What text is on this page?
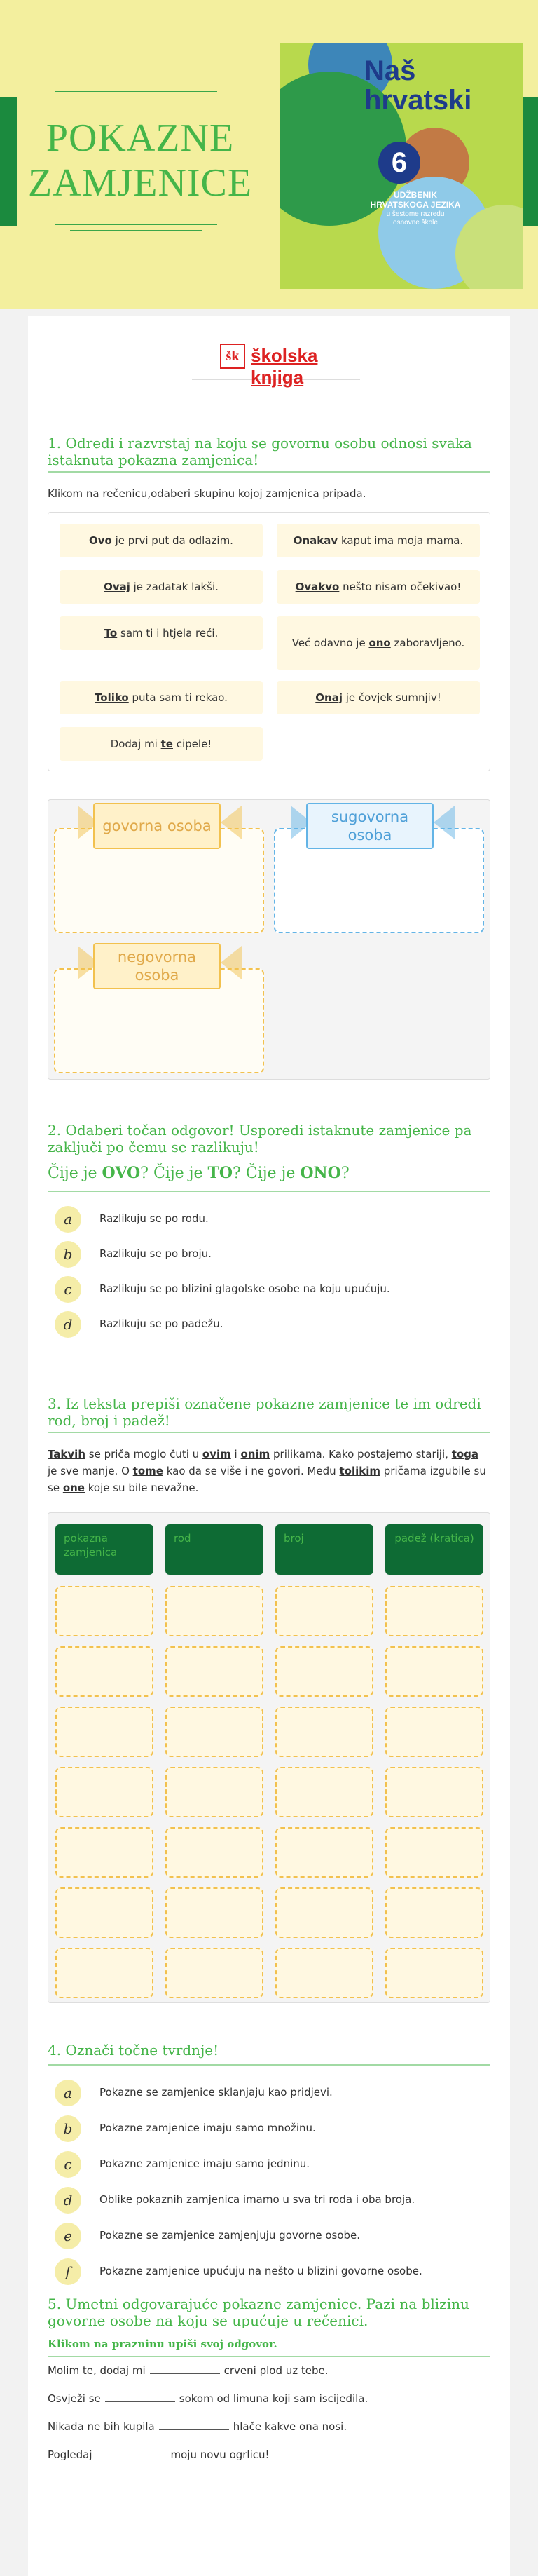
POKAZNE
ZAMJENICE
Naš
hrvatski
6
UDŽBENIK
HRVATSKOGA JEZIKA
u šestome razredu
osnovne škole
šk školska knjiga
1. Odredi i razvrstaj na koju se govornu osobu odnosi svaka istaknuta pokazna zamjenica!
Klikom na rečenicu,odaberi skupinu kojoj zamjenica pripada.
Ovo je prvi put da odlazim.	Onakav kaput ima moja mama.
Ovaj je zadatak lakši.	Ovakvo nešto nisam očekivao!
To sam ti i htjela reći.
Već odavno je ono zaboravljeno.
Toliko puta sam ti rekao.	Onaj je čovjek sumnjiv!
Dodaj mi te cipele!
govorna osoba
sugovorna osoba
negovorna osoba
2. Odaberi točan odgovor! Usporedi istaknute zamjenice pa zaključi po čemu se razlikuju!
Čije je OVO? Čije je TO? Čije je ONO?
a	Razlikuju se po rodu.
b	Razlikuju se po broju.
c	Razlikuju se po blizini glagolske osobe na koju upućuju.
d	Razlikuju se po padežu.
3. Iz teksta prepiši označene pokazne zamjenice te im odredi rod, broj i padež!
Takvih se priča moglo čuti u ovim i onim prilikama. Kako postajemo stariji, toga je sve manje. O tome kao da se više i ne govori. Među tolikim pričama izgubile su se one koje su bile nevažne.
pokazna zamjenica
rod	broj	padež (kratica)
4. Označi točne tvrdnje!
a	Pokazne se zamjenice sklanjaju kao pridjevi.
b	Pokazne zamjenice imaju samo množinu.
c	Pokazne zamjenice imaju samo jedninu.
d	Oblike pokaznih zamjenica imamo u sva tri roda i oba broja.
e	Pokazne se zamjenice zamjenjuju govorne osobe.
f	Pokazne zamjenice upućuju na nešto u blizini govorne osobe.
5. Umetni odgovarajuće pokazne zamjenice. Pazi na blizinu govorne osobe na koju se upućuje u rečenici.
Klikom na prazninu upiši svoj odgovor.
Molim te, dodaj mi	crveni plod uz tebe.
Osvježi se	sokom od limuna koji sam iscijedila.
Nikada ne bih kupila	hlače kakve ona nosi.
Pogledaj	moju novu ogrlicu!
